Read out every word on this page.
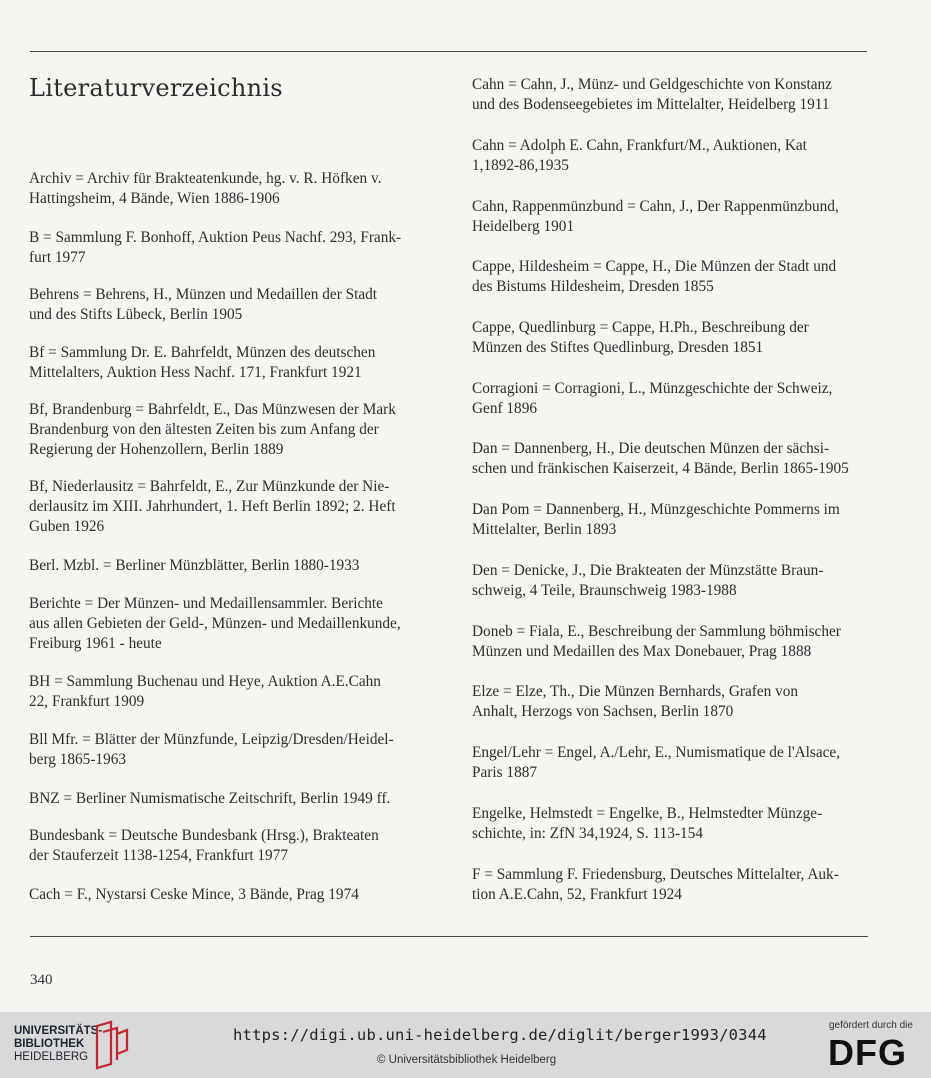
Literaturverzeichnis
Archiv = Archiv für Brakteatenkunde, hg. v. R. Höfken v.
Hattingsheim, 4 Bände, Wien 1886-1906
B = Sammlung F. Bonhoff, Auktion Peus Nachf. 293, Frank-
furt 1977
Behrens = Behrens, H., Münzen und Medaillen der Stadt
und des Stifts Lübeck, Berlin 1905
Bf = Sammlung Dr. E. Bahrfeldt, Münzen des deutschen
Mittelalters, Auktion Hess Nachf. 171, Frankfurt 1921
Bf, Brandenburg = Bahrfeldt, E., Das Münzwesen der Mark
Brandenburg von den ältesten Zeiten bis zum Anfang der
Regierung der Hohenzollern, Berlin 1889
Bf, Niederlausitz = Bahrfeldt, E., Zur Münzkunde der Nie-
derlausitz im XIII. Jahrhundert, 1. Heft Berlin 1892; 2. Heft
Guben 1926
Berl. Mzbl. = Berliner Münzblätter, Berlin 1880-1933
Berichte = Der Münzen- und Medaillensammler. Berichte
aus allen Gebieten der Geld-, Münzen- und Medaillenkunde,
Freiburg 1961 - heute
BH = Sammlung Buchenau und Heye, Auktion A.E.Cahn
22, Frankfurt 1909
Bll Mfr. = Blätter der Münzfunde, Leipzig/Dresden/Heidel-
berg 1865-1963
BNZ = Berliner Numismatische Zeitschrift, Berlin 1949 ff.
Bundesbank = Deutsche Bundesbank (Hrsg.), Brakteaten
der Stauferzeit 1138-1254, Frankfurt 1977
Cach = F., Nystarsi Ceske Mince, 3 Bände, Prag 1974
Cahn = Cahn, J., Münz- und Geldgeschichte von Konstanz
und des Bodenseegebietes im Mittelalter, Heidelberg 1911
Cahn = Adolph E. Cahn, Frankfurt/M., Auktionen, Kat
1,1892-86,1935
Cahn, Rappenmünzbund = Cahn, J., Der Rappenmünzbund,
Heidelberg 1901
Cappe, Hildesheim = Cappe, H., Die Münzen der Stadt und
des Bistums Hildesheim, Dresden 1855
Cappe, Quedlinburg = Cappe, H.Ph., Beschreibung der
Münzen des Stiftes Quedlinburg, Dresden 1851
Corragioni = Corragioni, L., Münzgeschichte der Schweiz,
Genf 1896
Dan = Dannenberg, H., Die deutschen Münzen der sächsi-
schen und fränkischen Kaiserzeit, 4 Bände, Berlin 1865-1905
Dan Pom = Dannenberg, H., Münzgeschichte Pommerns im
Mittelalter, Berlin 1893
Den = Denicke, J., Die Brakteaten der Münzstätte Braun-
schweig, 4 Teile, Braunschweig 1983-1988
Doneb = Fiala, E., Beschreibung der Sammlung böhmischer
Münzen und Medaillen des Max Donebauer, Prag 1888
Elze = Elze, Th., Die Münzen Bernhards, Grafen von
Anhalt, Herzogs von Sachsen, Berlin 1870
Engel/Lehr = Engel, A./Lehr, E., Numismatique de l'Alsace,
Paris 1887
Engelke, Helmstedt = Engelke, B., Helmstedter Münzge-
schichte, in: ZfN 34,1924, S. 113-154
F = Sammlung F. Friedensburg, Deutsches Mittelalter, Auk-
tion A.E.Cahn, 52, Frankfurt 1924
340
UNIVERSITÄTS-
BIBLIOTHEK
HEIDELBERG
https://digi.ub.uni-heidelberg.de/diglit/berger1993/0344
© Universitätsbibliothek Heidelberg
gefördert durch die
DFG
